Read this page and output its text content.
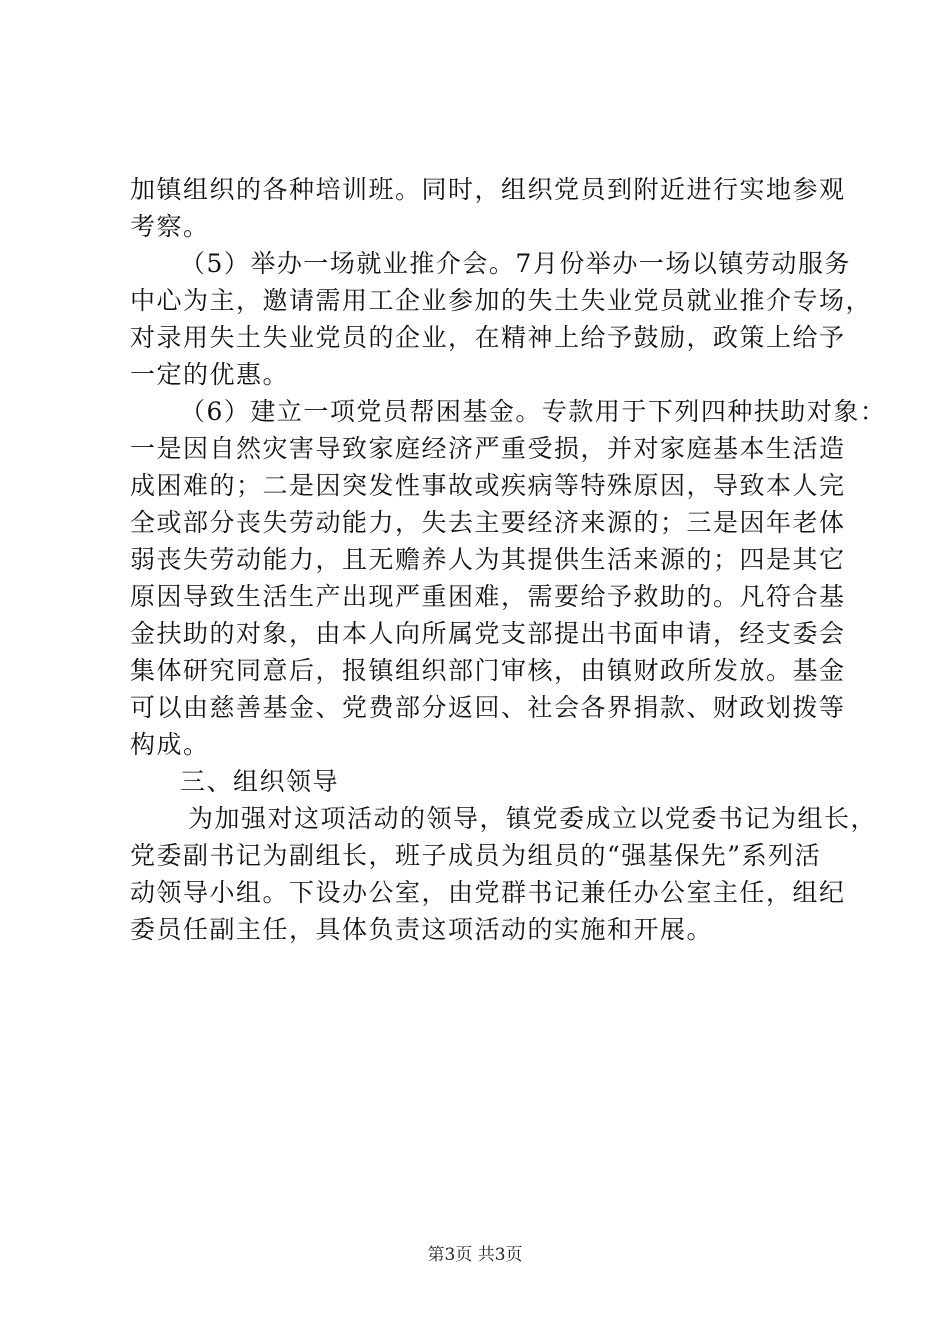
加镇组织的各种培训班。同时，组织党员到附近进行实地参观
考察。
（5）举办一场就业推介会。7月份举办一场以镇劳动服务
中心为主，邀请需用工企业参加的失土失业党员就业推介专场，
对录用失土失业党员的企业，在精神上给予鼓励，政策上给予
一定的优惠。
（6）建立一项党员帮困基金。专款用于下列四种扶助对象：
一是因自然灾害导致家庭经济严重受损，并对家庭基本生活造
成困难的；二是因突发性事故或疾病等特殊原因，导致本人完
全或部分丧失劳动能力，失去主要经济来源的；三是因年老体
弱丧失劳动能力，且无赡养人为其提供生活来源的；四是其它
原因导致生活生产出现严重困难，需要给予救助的。凡符合基
金扶助的对象，由本人向所属党支部提出书面申请，经支委会
集体研究同意后，报镇组织部门审核，由镇财政所发放。基金
可以由慈善基金、党费部分返回、社会各界捐款、财政划拨等
构成。
三、组织领导
为加强对这项活动的领导，镇党委成立以党委书记为组长，
党委副书记为副组长，班子成员为组员的“强基保先”系列活
动领导小组。下设办公室，由党群书记兼任办公室主任，组纪
委员任副主任，具体负责这项活动的实施和开展。
第3页 共3页
